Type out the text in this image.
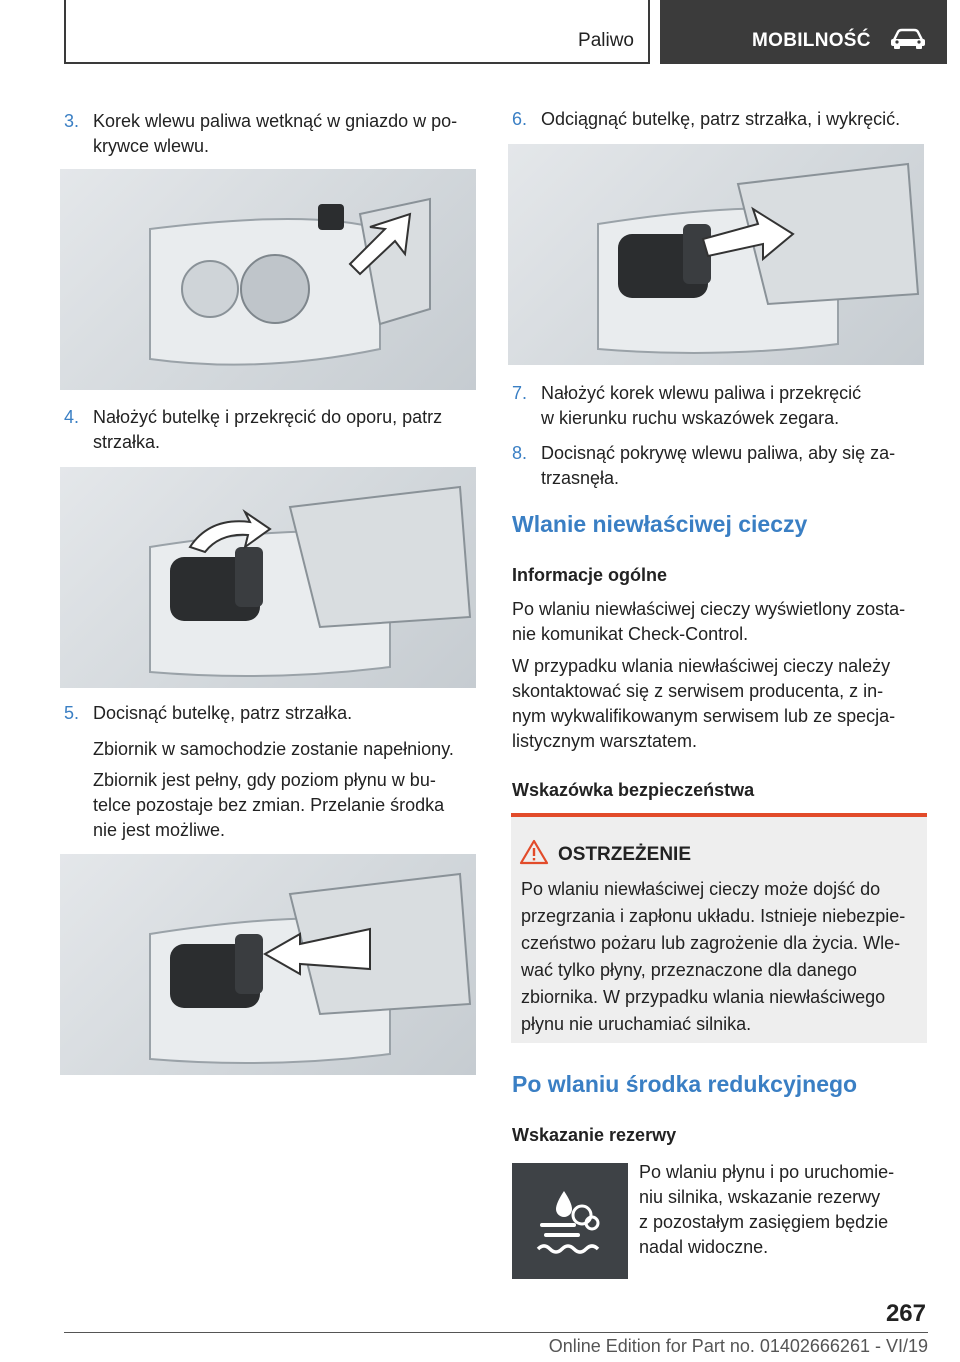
Paliwo	MOBILNOŚĆ
3. Korek wlewu paliwa wetknąć w gniazdo w po‐
krywce wlewu.
4. Nałożyć butelkę i przekręcić do oporu, patrz
strzałka.
5. Docisnąć butelkę, patrz strzałka.
Zbiornik w samochodzie zostanie napełniony.
Zbiornik jest pełny, gdy poziom płynu w bu‐
telce pozostaje bez zmian. Przelanie środka
nie jest możliwe.
6. Odciągnąć butelkę, patrz strzałka, i wykręcić.
7. Nałożyć korek wlewu paliwa i przekręcić
w kierunku ruchu wskazówek zegara.
8. Docisnąć pokrywę wlewu paliwa, aby się za‐
trzasnęła.
Wlanie niewłaściwej cieczy
Informacje ogólne
Po wlaniu niewłaściwej cieczy wyświetlony zosta‐
nie komunikat Check-Control.
W przypadku wlania niewłaściwej cieczy należy
skontaktować się z serwisem producenta, z in‐
nym wykwalifikowanym serwisem lub ze specja‐
listycznym warsztatem.
Wskazówka bezpieczeństwa
OSTRZEŻENIE
Po wlaniu niewłaściwej cieczy może dojść do
przegrzania i zapłonu układu. Istnieje niebezpie‐
czeństwo pożaru lub zagrożenie dla życia. Wle‐
wać tylko płyny, przeznaczone dla danego
zbiornika. W przypadku wlania niewłaściwego
płynu nie uruchamiać silnika.
Po wlaniu środka redukcyjnego
Wskazanie rezerwy
Po wlaniu płynu i po uruchomie‐
niu silnika, wskazanie rezerwy
z pozostałym zasięgiem będzie
nadal widoczne.
267
Online Edition for Part no. 01402666261 - VI/19
